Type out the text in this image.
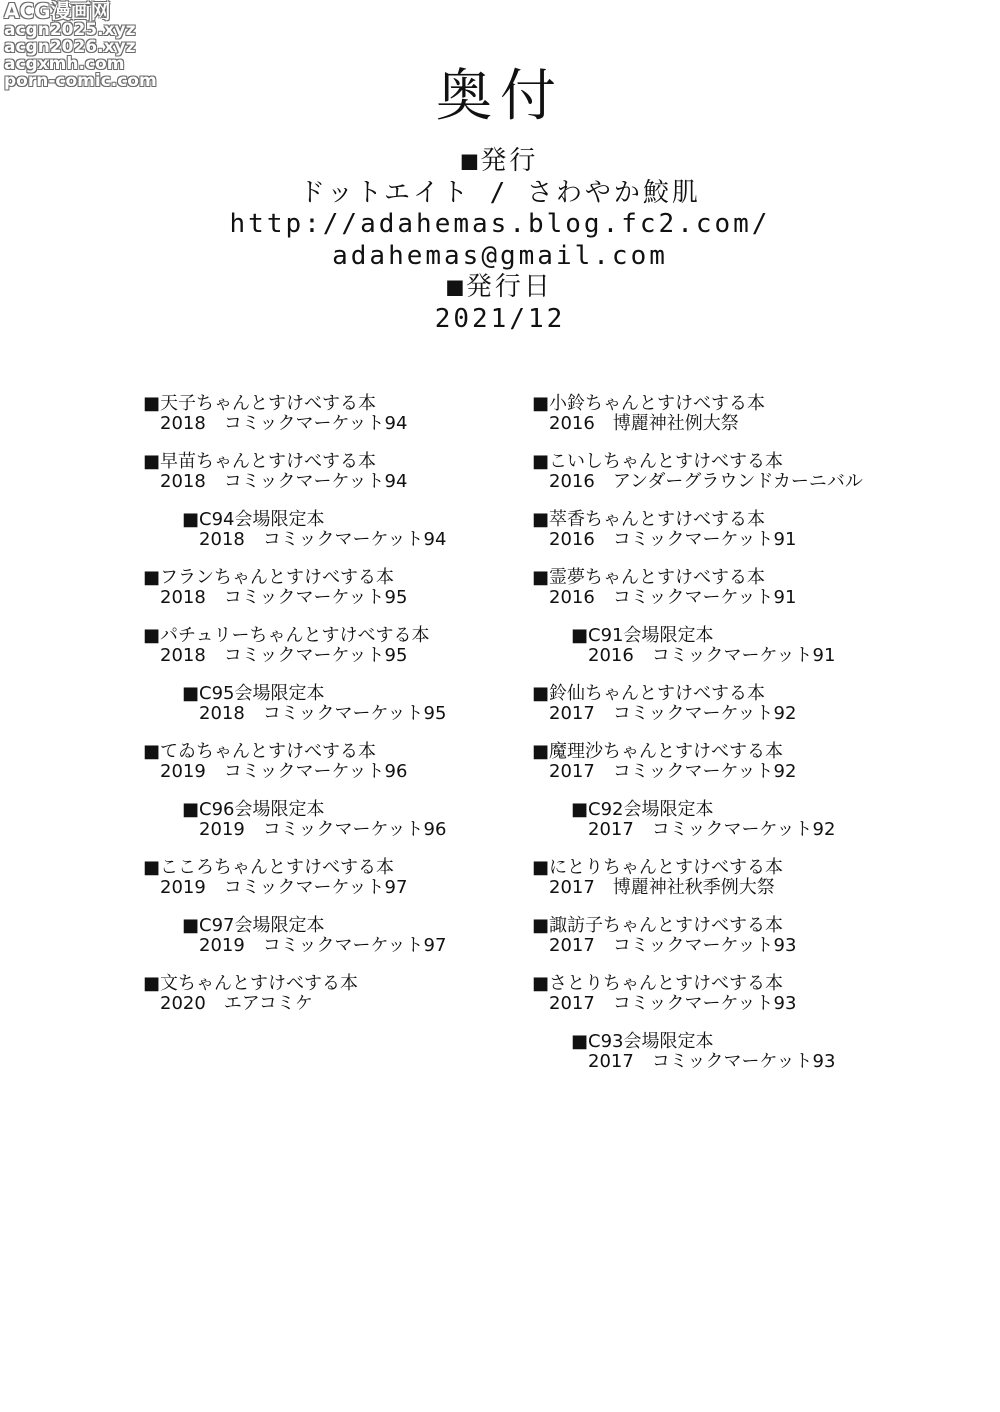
ACG漫画网
acgn2025.xyz
acgn2026.xyz
acgxmh.com
porn-comic.com	奥付
■発行
ドットエイト / さわやか鮫肌
http://adahemas.blog.fc2.com/
adahemas@gmail.com
■発行日
2021/12
■天子ちゃんとすけべする本
2018 コミックマーケット94
■早苗ちゃんとすけべする本
2018 コミックマーケット94
■C94会場限定本
2018 コミックマーケット94
■フランちゃんとすけべする本
2018 コミックマーケット95
■パチュリーちゃんとすけべする本
2018 コミックマーケット95
■C95会場限定本
2018 コミックマーケット95
■てゐちゃんとすけべする本
2019 コミックマーケット96
■C96会場限定本
2019 コミックマーケット96
■こころちゃんとすけべする本
2019 コミックマーケット97
■C97会場限定本
2019 コミックマーケット97
■文ちゃんとすけべする本
2020 エアコミケ
■小鈴ちゃんとすけべする本
2016 博麗神社例大祭
■こいしちゃんとすけべする本
2016 アンダーグラウンドカーニバル
■萃香ちゃんとすけべする本
2016 コミックマーケット91
■霊夢ちゃんとすけべする本
2016 コミックマーケット91
■C91会場限定本
2016 コミックマーケット91
■鈴仙ちゃんとすけべする本
2017 コミックマーケット92
■魔理沙ちゃんとすけべする本
2017 コミックマーケット92
■C92会場限定本
2017 コミックマーケット92
■にとりちゃんとすけべする本
2017 博麗神社秋季例大祭
■諏訪子ちゃんとすけべする本
2017 コミックマーケット93
■さとりちゃんとすけべする本
2017 コミックマーケット93
■C93会場限定本
2017 コミックマーケット93
